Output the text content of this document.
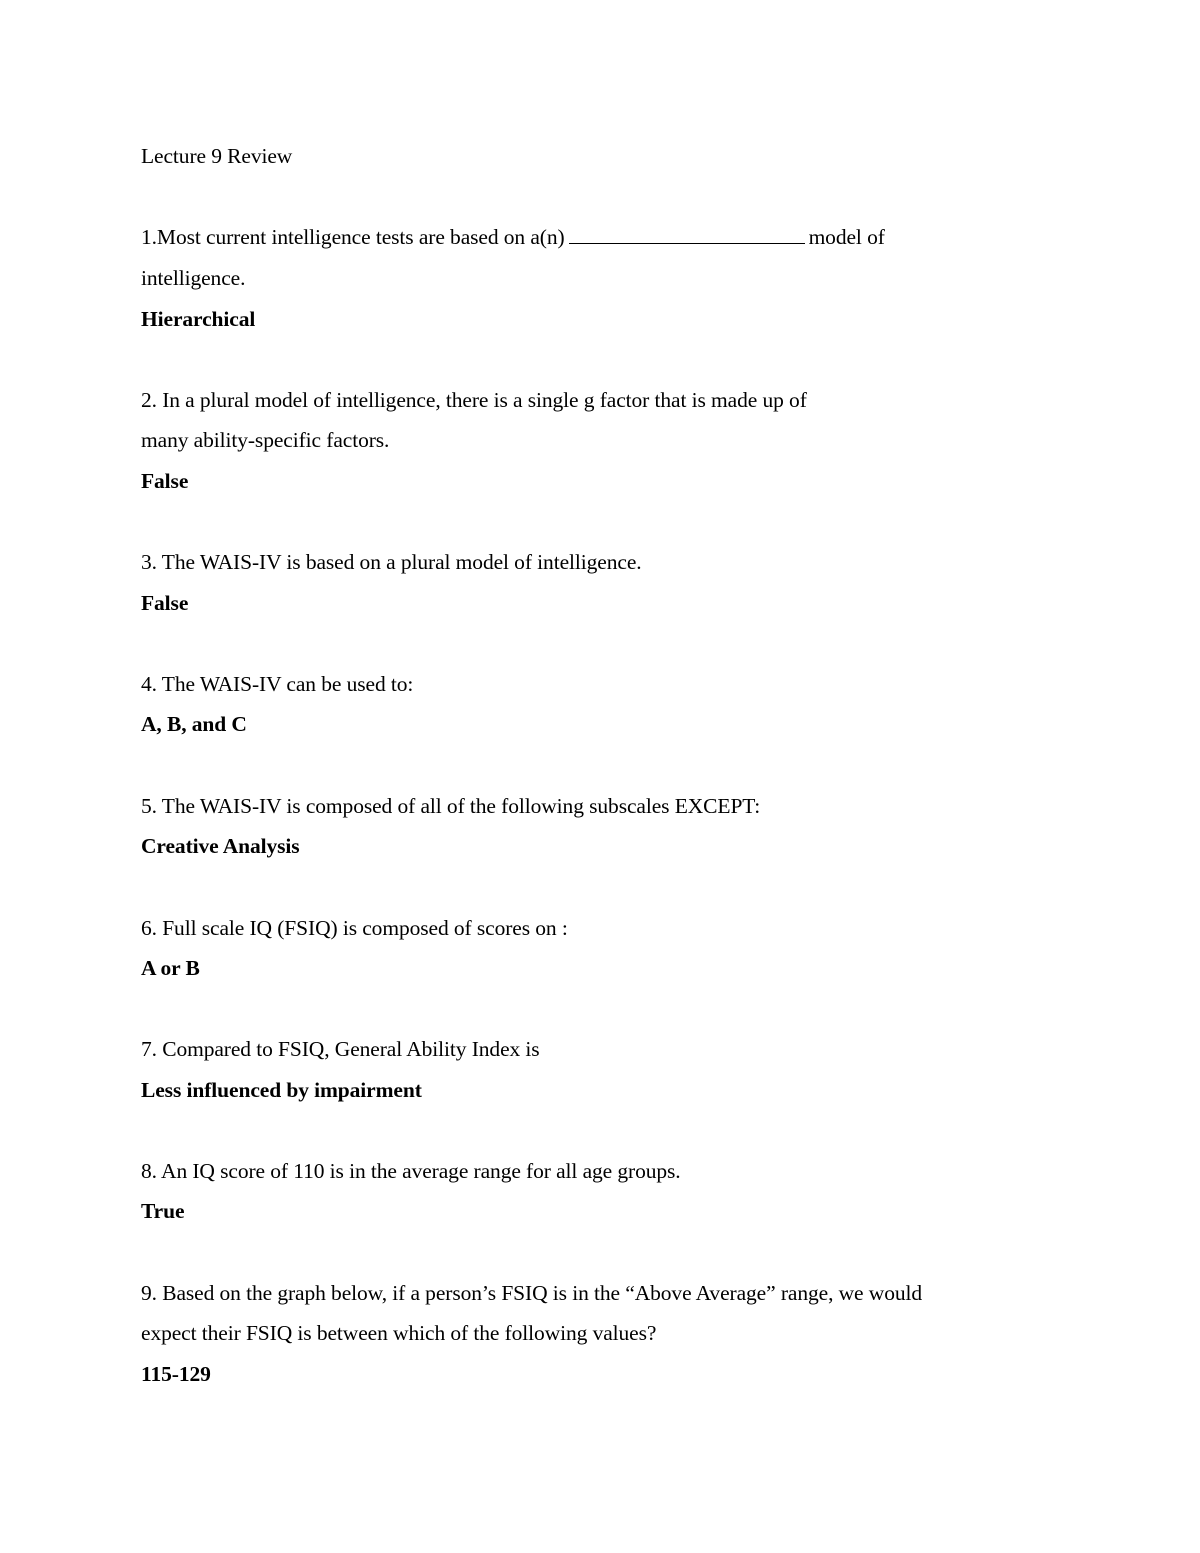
Lecture 9 Review
1.Most current intelligence tests are based on a(n)	model of
intelligence.
Hierarchical
2. In a plural model of intelligence, there is a single g factor that is made up of
many ability-specific factors.
False
3. The WAIS-IV is based on a plural model of intelligence.
False
4. The WAIS-IV can be used to:
A, B, and C
5. The WAIS-IV is composed of all of the following subscales EXCEPT:
Creative Analysis
6. Full scale IQ (FSIQ) is composed of scores on :
A or B
7. Compared to FSIQ, General Ability Index is
Less influenced by impairment
8. An IQ score of 110 is in the average range for all age groups.
True
9. Based on the graph below, if a person’s FSIQ is in the “Above Average” range, we would
expect their FSIQ is between which of the following values?
115-129
